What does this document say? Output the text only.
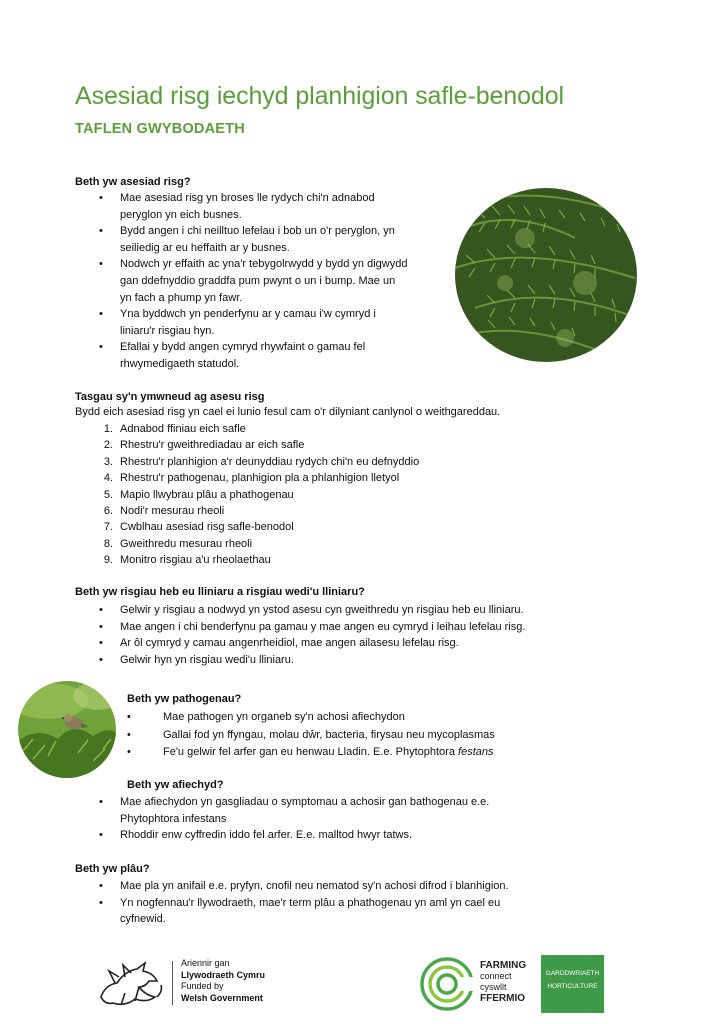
Asesiad risg iechyd planhigion safle-benodol
TAFLEN GWYBODAETH
Beth yw asesiad risg?
• Mae asesiad risg yn broses lle rydych chi'n adnabod
peryglon yn eich busnes.
• Bydd angen i chi neilltuo lefelau i bob un o'r peryglon, yn
seiliedig ar eu heffaith ar y busnes.
• Nodwch yr effaith ac yna'r tebygolrwydd y bydd yn digwydd
gan ddefnyddio graddfa pum pwynt o un i bump. Mae un
yn fach a phump yn fawr.
• Yna byddwch yn penderfynu ar y camau i'w cymryd i
liniaru'r risgiau hyn.
• Efallai y bydd angen cymryd rhywfaint o gamau fel
rhwymedigaeth statudol.
Tasgau sy'n ymwneud ag asesu risg
Bydd eich asesiad risg yn cael ei lunio fesul cam o'r dilyniant canlynol o weithgareddau.
1. Adnabod ffiniau eich safle
2. Rhestru'r gweithrediadau ar eich safle
3. Rhestru'r planhigion a'r deunyddiau rydych chi'n eu defnyddio
4. Rhestru'r pathogenau, planhigion pla a phlanhigion lletyol
5. Mapio llwybrau plâu a phathogenau
6. Nodi'r mesurau rheoli
7. Cwblhau asesiad risg safle-benodol
8. Gweithredu mesurau rheoli
9. Monitro risgiau a'u rheolaethau
Beth yw risgiau heb eu lliniaru a risgiau wedi'u lliniaru?
• Gelwir y risgiau a nodwyd yn ystod asesu cyn gweithredu yn risgiau heb eu lliniaru.
• Mae angen i chi benderfynu pa gamau y mae angen eu cymryd i leihau lefelau risg.
• Ar ôl cymryd y camau angenrheidiol, mae angen ailasesu lefelau risg.
• Gelwir hyn yn risgiau wedi'u lliniaru.
Beth yw pathogenau?
•	Mae pathogen yn organeb sy'n achosi afiechydon
•	Gallai fod yn ffyngau, molau dŵr, bacteria, firysau neu mycoplasmas
•	Fe'u gelwir fel arfer gan eu henwau Lladin. E.e. Phytophtora festans
Beth yw afiechyd?
• Mae afiechydon yn gasgliadau o symptomau a achosir gan bathogenau e.e.
Phytophtora infestans
• Rhoddir enw cyffredin iddo fel arfer. E.e. malltod hwyr tatws.
Beth yw plâu?
• Mae pla yn anifail e.e. pryfyn, cnofil neu nematod sy'n achosi difrod i blanhigion.
• Yn nogfennau'r llywodraeth, mae'r term plâu a phathogenau yn aml yn cael eu
cyfnewid.
Ariennir gan
Llywodraeth Cymru
Funded by
Welsh Government
FARMING
connect
cyswllt
FFERMIO
GARDDWRIAETH
HORTICULTURE
